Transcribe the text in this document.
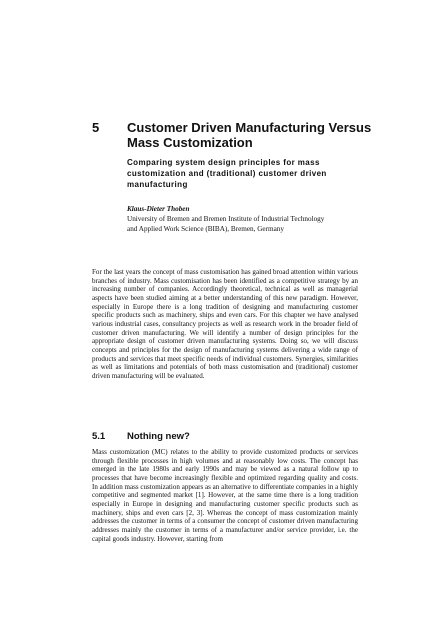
5 Customer Driven Manufacturing Versus Mass Customization
Comparing system design principles for mass customization and (traditional) customer driven manufacturing
Klaus-Dieter Thoben
University of Bremen and Bremen Institute of Industrial Technology
and Applied Work Science (BIBA), Bremen, Germany

For the last years the concept of mass customisation has gained broad attention within various branches of industry. Mass customisation has been identified as a competitive strategy by an increasing number of companies. Accordingly theoretical, technical as well as managerial aspects have been studied aiming at a better understanding of this new paradigm. However, especially in Europe there is a long tradition of designing and manufacturing customer specific products such as machinery, ships and even cars. For this chapter we have analysed various industrial cases, consultancy projects as well as research work in the broader field of customer driven manufacturing. We will identify a number of design principles for the appropriate design of customer driven manufacturing systems. Doing so, we will discuss concepts and principles for the design of manufacturing systems delivering a wide range of products and services that meet specific needs of individual customers. Synergies, similarities as well as limitations and potentials of both mass customisation and (traditional) customer driven manufacturing will be evaluated.

5.1 Nothing new?

Mass customization (MC) relates to the ability to provide customized products or services through flexible processes in high volumes and at reasonably low costs. The concept has emerged in the late 1980s and early 1990s and may be viewed as a natural follow up to processes that have become increasingly flexible and optimized regarding quality and costs. In addition mass customization appears as an alternative to differentiate companies in a highly competitive and segmented market [1]. However, at the same time there is a long tradition especially in Europe in designing and manufacturing customer specific products such as machinery, ships and even cars [2, 3]. Whereas the concept of mass customization mainly addresses the customer in terms of a consumer the concept of customer driven manufacturing addresses mainly the customer in terms of a manufacturer and/or service provider, i.e. the capital goods industry. However, starting from
